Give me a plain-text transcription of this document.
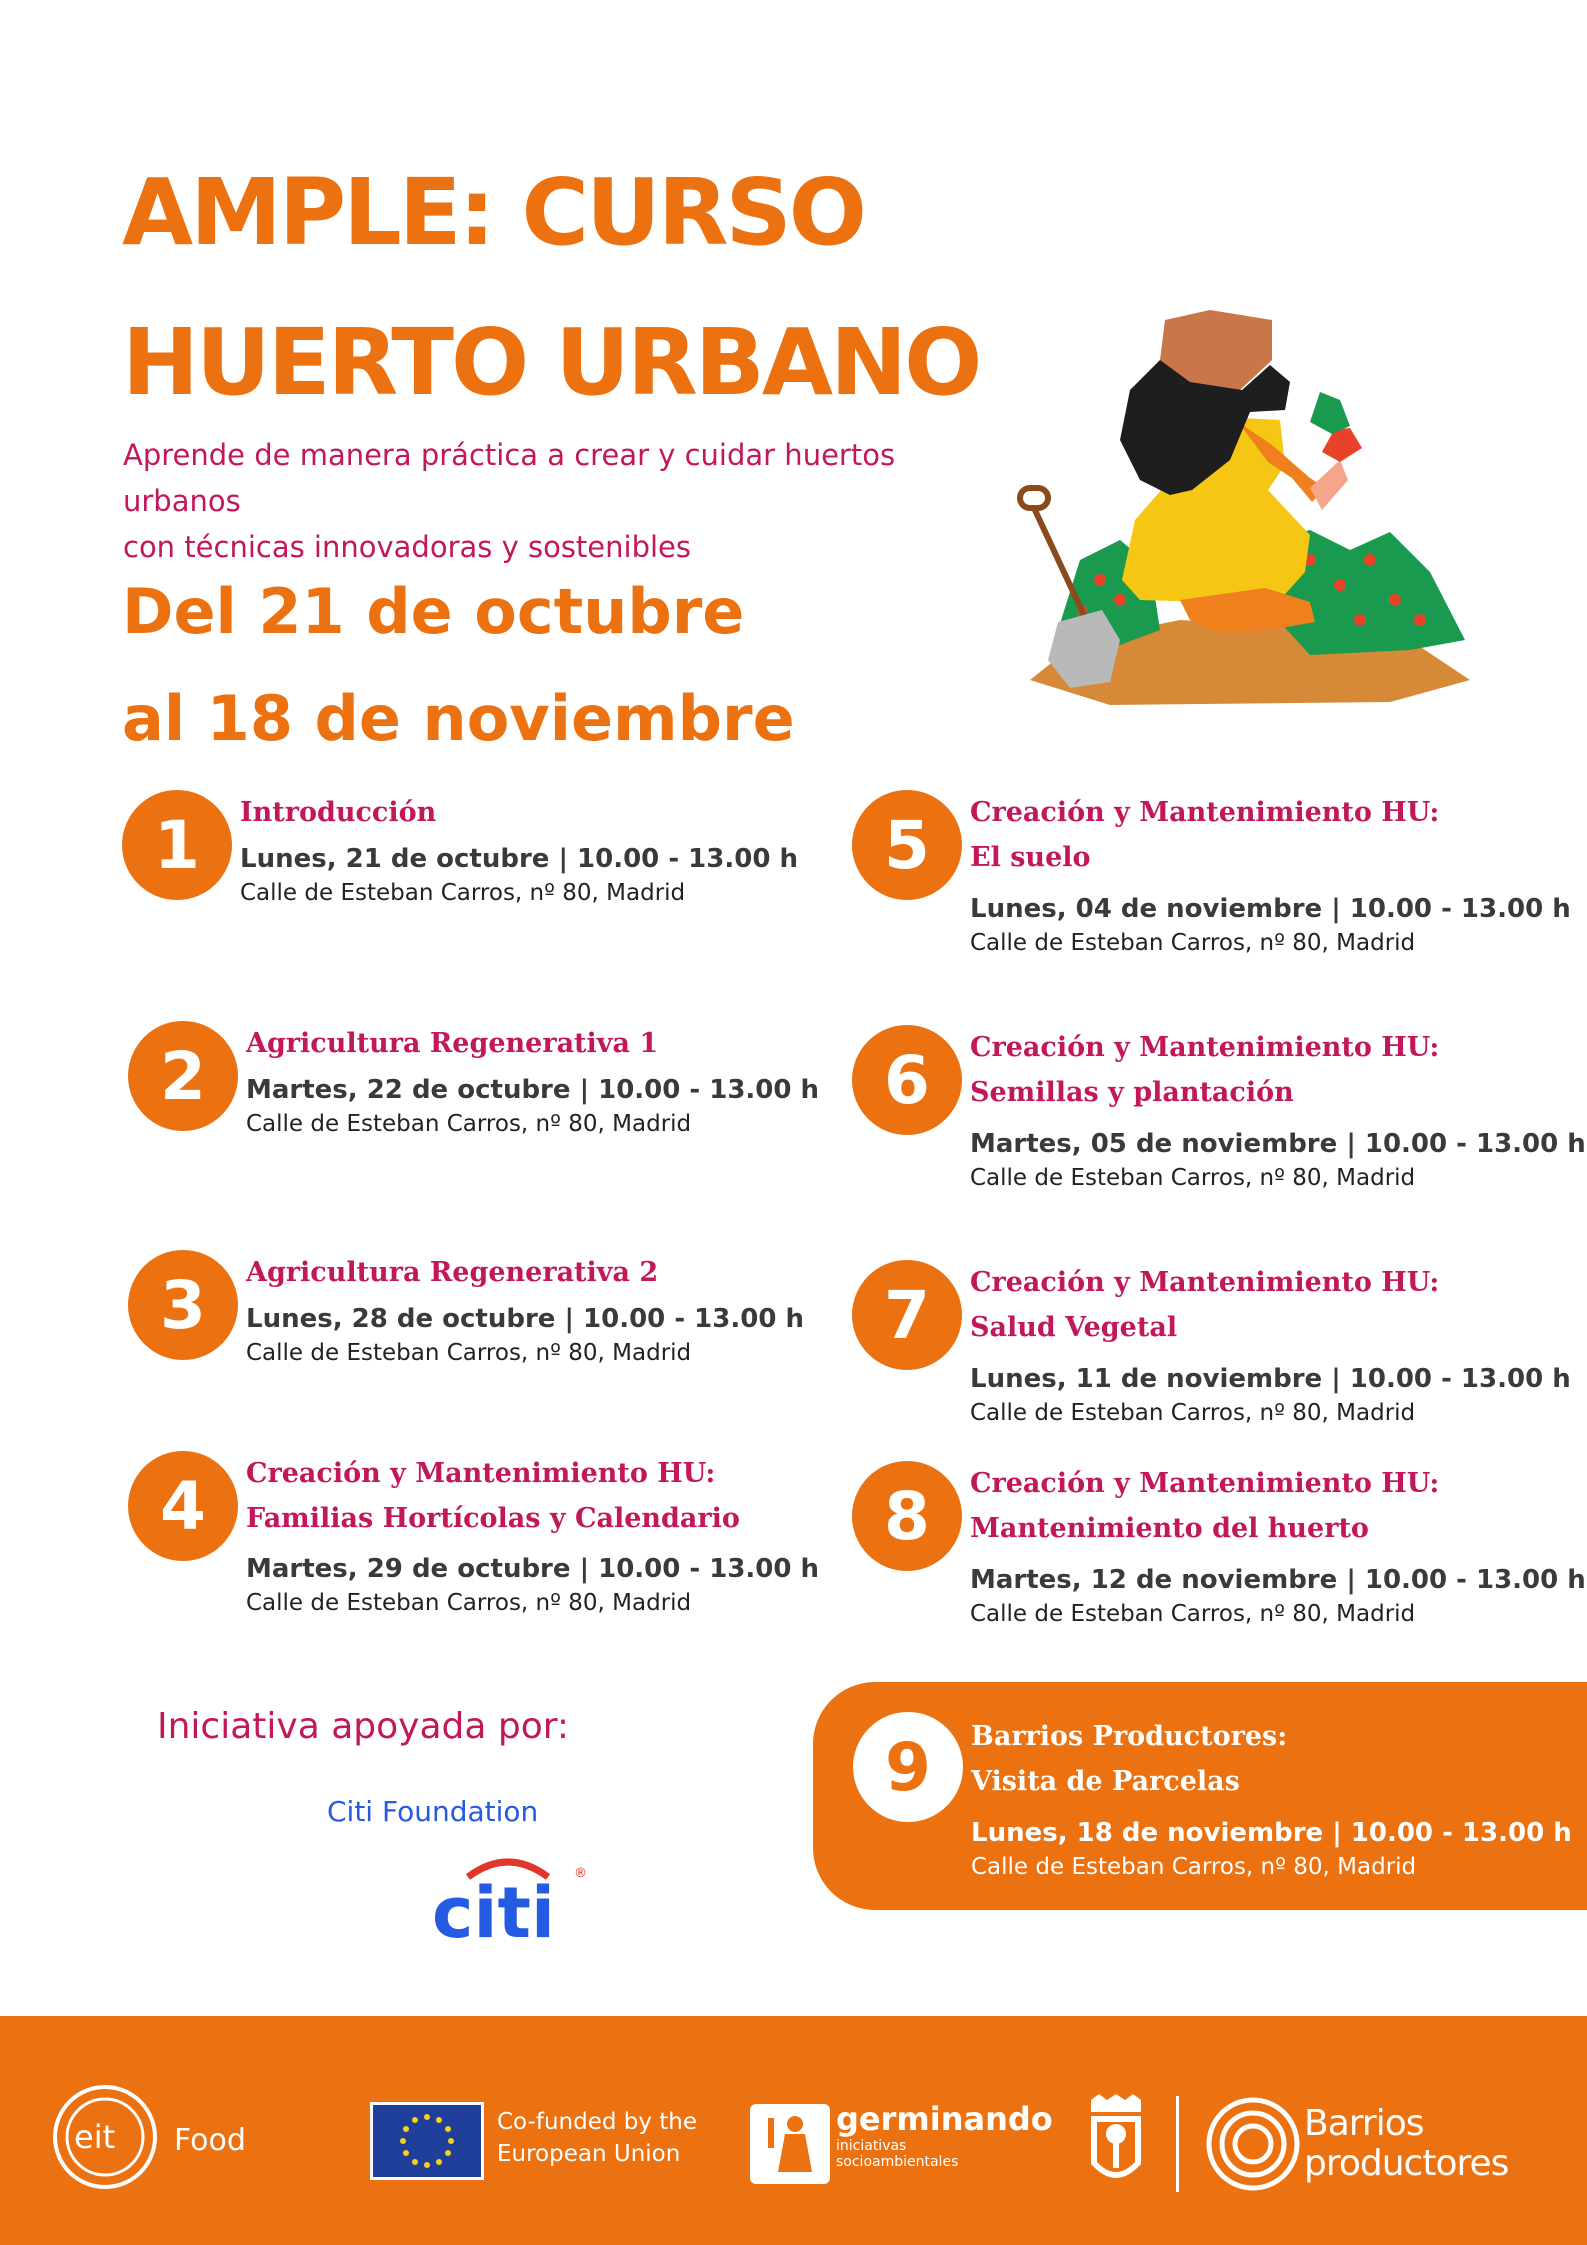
AMPLE: CURSO
HUERTO URBANO
Aprende de manera práctica a crear y cuidar huertos urbanos
con técnicas innovadoras y sostenibles
Del 21 de octubre
al 18 de noviembre
1	Introducción
Lunes, 21 de octubre | 10.00 - 13.00 h
Calle de Esteban Carros, nº 80, Madrid
2	Agricultura Regenerativa 1
Martes, 22 de octubre | 10.00 - 13.00 h
Calle de Esteban Carros, nº 80, Madrid
3	Agricultura Regenerativa 2
Lunes, 28 de octubre | 10.00 - 13.00 h
Calle de Esteban Carros, nº 80, Madrid
4	Creación y Mantenimiento HU:
Familias Hortícolas y Calendario
Martes, 29 de octubre | 10.00 - 13.00 h
Calle de Esteban Carros, nº 80, Madrid
5	Creación y Mantenimiento HU:
El suelo
Lunes, 04 de noviembre | 10.00 - 13.00 h
Calle de Esteban Carros, nº 80, Madrid
6	Creación y Mantenimiento HU:
Semillas y plantación
Martes, 05 de noviembre | 10.00 - 13.00 h
Calle de Esteban Carros, nº 80, Madrid
7	Creación y Mantenimiento HU:
Salud Vegetal
Lunes, 11 de noviembre | 10.00 - 13.00 h
Calle de Esteban Carros, nº 80, Madrid
8	Creación y Mantenimiento HU:
Mantenimiento del huerto
Martes, 12 de noviembre | 10.00 - 13.00 h
Calle de Esteban Carros, nº 80, Madrid
9	Barrios Productores:
Visita de Parcelas
Lunes, 18 de noviembre | 10.00 - 13.00 h
Calle de Esteban Carros, nº 80, Madrid
Iniciativa apoyada por:
Citi Foundation
citi ®
eit Food
Co-funded by the
European Union
germinando
iniciativas
socioambientales
Barrios
productores
